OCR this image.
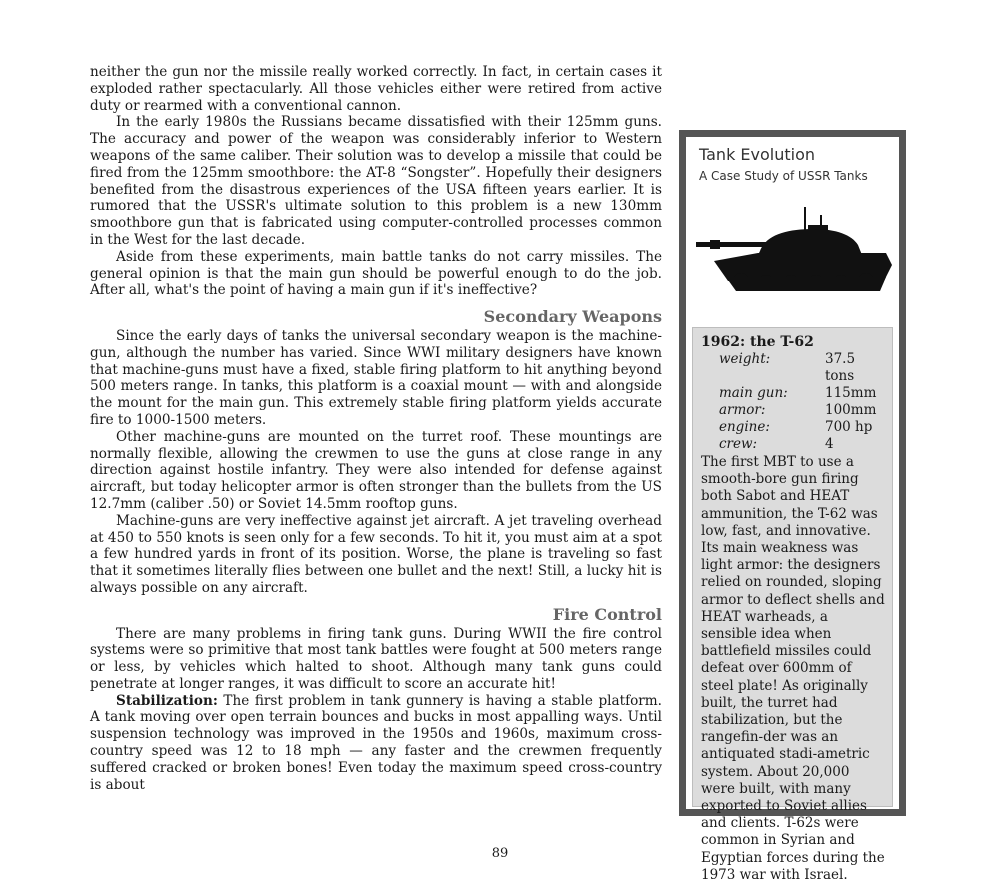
neither the gun nor the missile really worked correctly. In fact, in certain cases it exploded rather spectacularly. All those vehicles either were retired from active duty or rearmed with a conventional cannon.

In the early 1980s the Russians became dissatisfied with their 125mm guns. The accuracy and power of the weapon was considerably inferior to Western weapons of the same caliber. Their solution was to develop a missile that could be fired from the 125mm smoothbore: the AT-8 “Songster”. Hopefully their designers benefited from the disastrous experiences of the USA fifteen years earlier. It is rumored that the USSR's ultimate solution to this problem is a new 130mm smoothbore gun that is fabricated using computer-controlled processes common in the West for the last decade.

Aside from these experiments, main battle tanks do not carry missiles. The general opinion is that the main gun should be powerful enough to do the job. After all, what's the point of having a main gun if it's ineffective?

Secondary Weapons

Since the early days of tanks the universal secondary weapon is the machine-gun, although the number has varied. Since WWI military designers have known that machine-guns must have a fixed, stable firing platform to hit anything beyond 500 meters range. In tanks, this platform is a coaxial mount — with and alongside the mount for the main gun. This extremely stable firing platform yields accurate fire to 1000-1500 meters.

Other machine-guns are mounted on the turret roof. These mountings are normally flexible, allowing the crewmen to use the guns at close range in any direction against hostile infantry. They were also intended for defense against aircraft, but today helicopter armor is often stronger than the bullets from the US 12.7mm (caliber .50) or Soviet 14.5mm rooftop guns.

Machine-guns are very ineffective against jet aircraft. A jet traveling overhead at 450 to 550 knots is seen only for a few seconds. To hit it, you must aim at a spot a few hundred yards in front of its position. Worse, the plane is traveling so fast that it sometimes literally flies between one bullet and the next! Still, a lucky hit is always possible on any aircraft.

Fire Control

There are many problems in firing tank guns. During WWII the fire control systems were so primitive that most tank battles were fought at 500 meters range or less, by vehicles which halted to shoot. Although many tank guns could penetrate at longer ranges, it was difficult to score an accurate hit!

Stabilization: The first problem in tank gunnery is having a stable platform. A tank moving over open terrain bounces and bucks in most appalling ways. Until suspension technology was improved in the 1950s and 1960s, maximum cross-country speed was 12 to 18 mph — any faster and the crewmen frequently suffered cracked or broken bones! Even today the maximum speed cross-country is about

89
Tank Evolution
A Case Study of USSR Tanks
1962: the T-62
weight:	37.5 tons
main gun:	115mm
armor:	100mm
engine:	700 hp
crew:	4

The first MBT to use a smooth-bore gun firing both Sabot and HEAT ammunition, the T-62 was low, fast, and innovative. Its main weakness was light armor: the designers relied on rounded, sloping armor to deflect shells and HEAT warheads, a sensible idea when battlefield missiles could defeat over 600mm of steel plate! As originally built, the turret had stabilization, but the rangefin-der was an antiquated stadi-ametric system. About 20,000 were built, with many exported to Soviet allies and clients. T-62s were common in Syrian and Egyptian forces during the 1973 war with Israel.
